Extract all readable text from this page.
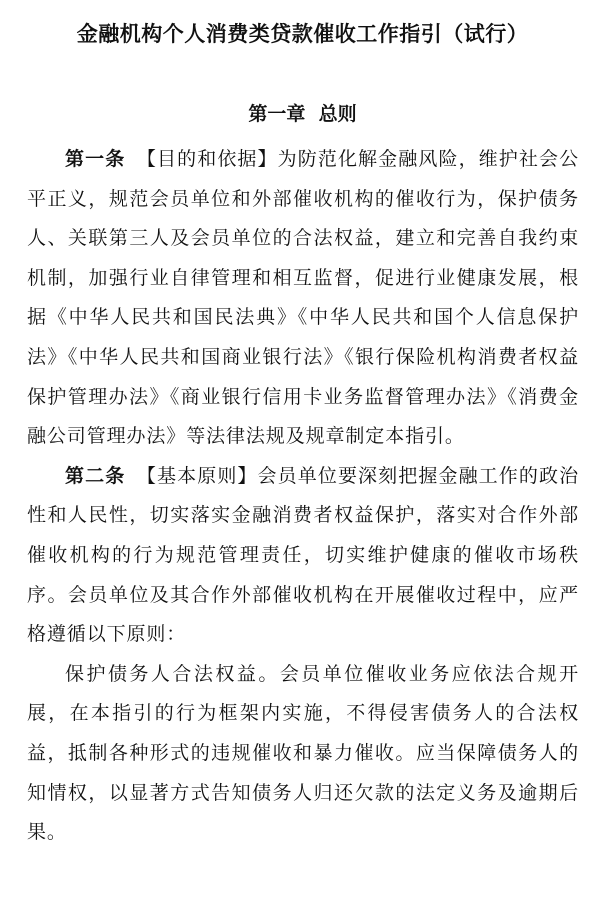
金融机构个人消费类贷款催收工作指引（试行）
第一章  总则

第一条 【目的和依据】为防范化解金融风险，维护社会公平正义，规范会员单位和外部催收机构的催收行为，保护债务人、关联第三人及会员单位的合法权益，建立和完善自我约束机制，加强行业自律管理和相互监督，促进行业健康发展，根据《中华人民共和国民法典》《中华人民共和国个人信息保护法》《中华人民共和国商业银行法》《银行保险机构消费者权益保护管理办法》《商业银行信用卡业务监督管理办法》《消费金融公司管理办法》等法律法规及规章制定本指引。

第二条 【基本原则】会员单位要深刻把握金融工作的政治性和人民性，切实落实金融消费者权益保护，落实对合作外部催收机构的行为规范管理责任，切实维护健康的催收市场秩序。会员单位及其合作外部催收机构在开展催收过程中，应严格遵循以下原则：

保护债务人合法权益。会员单位催收业务应依法合规开展，在本指引的行为框架内实施，不得侵害债务人的合法权益，抵制各种形式的违规催收和暴力催收。应当保障债务人的知情权，以显著方式告知债务人归还欠款的法定义务及逾期后果。
